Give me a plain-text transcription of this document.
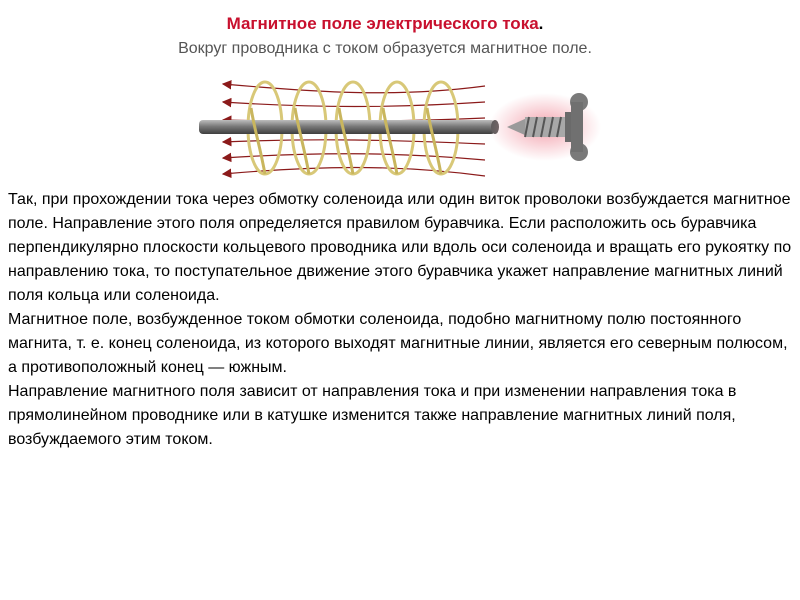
Магнитное поле электрического тока.
Вокруг проводника с током образуется магнитное поле.

Так, при прохождении тока через обмотку соленоида или один виток проволоки возбуждается магнитное поле. Направление этого поля определяется правилом буравчика. Если расположить ось буравчика перпендикулярно плоскости кольцевого проводника или вдоль оси соленоида и вращать его рукоятку по направлению тока, то поступательное движение этого буравчика укажет направление магнитных линий поля кольца или соленоида.

Магнитное поле, возбужденное током обмотки соленоида, подобно магнитному полю постоянного магнита, т. е. конец соленоида, из которого выходят магнитные линии, является его северным полюсом, а противоположный конец — южным.

Направление магнитного поля зависит от направления тока и при изменении направления тока в прямолинейном проводнике или в катушке изменится также направление магнитных линий поля, возбуждаемого этим током.
